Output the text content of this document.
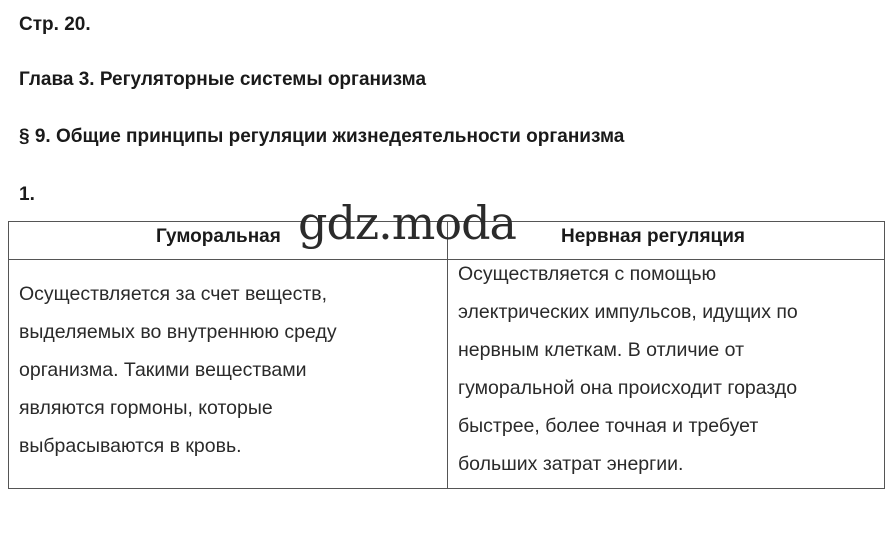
Стр. 20.
Глава 3. Регуляторные системы организма
§ 9. Общие принципы регуляции жизнедеятельности организма
1.
Гуморальная	Нервная регуляция
Осуществляется за счет веществ,
выделяемых во внутреннюю среду
организма. Такими веществами
являются гормоны, которые
выбрасываются в кровь.
Осуществляется с помощью
электрических импульсов, идущих по
нервным клеткам. В отличие от
гуморальной она происходит гораздо
быстрее, более точная и требует
больших затрат энергии.
gdz.moda
